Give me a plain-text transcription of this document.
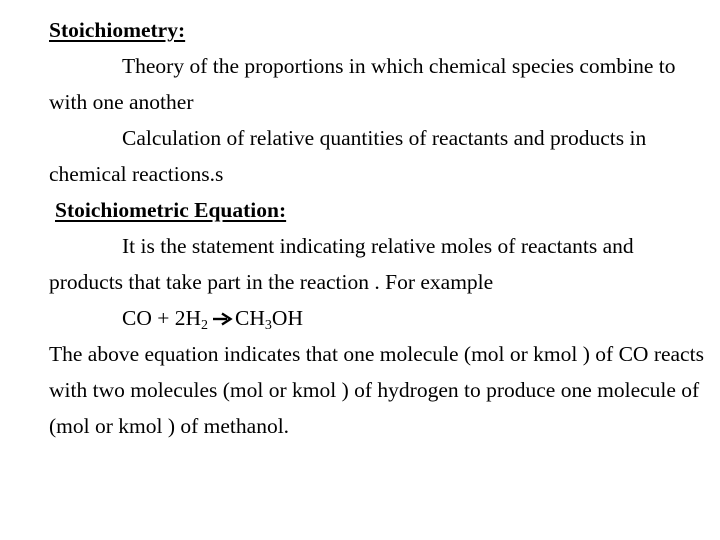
Stoichiometry:

Theory of the proportions in which chemical species combine to with one another

Calculation of relative quantities of reactants and products in chemical reactions.s

Stoichiometric Equation:

It is the statement indicating relative moles of reactants and products that take part in the reaction . For example

CO + $2H_2$ $CH_3OH$

The above equation indicates that one molecule (mol or kmol ) of CO reacts with two molecules (mol or kmol ) of hydrogen to produce one molecule of (mol or kmol ) of methanol.
